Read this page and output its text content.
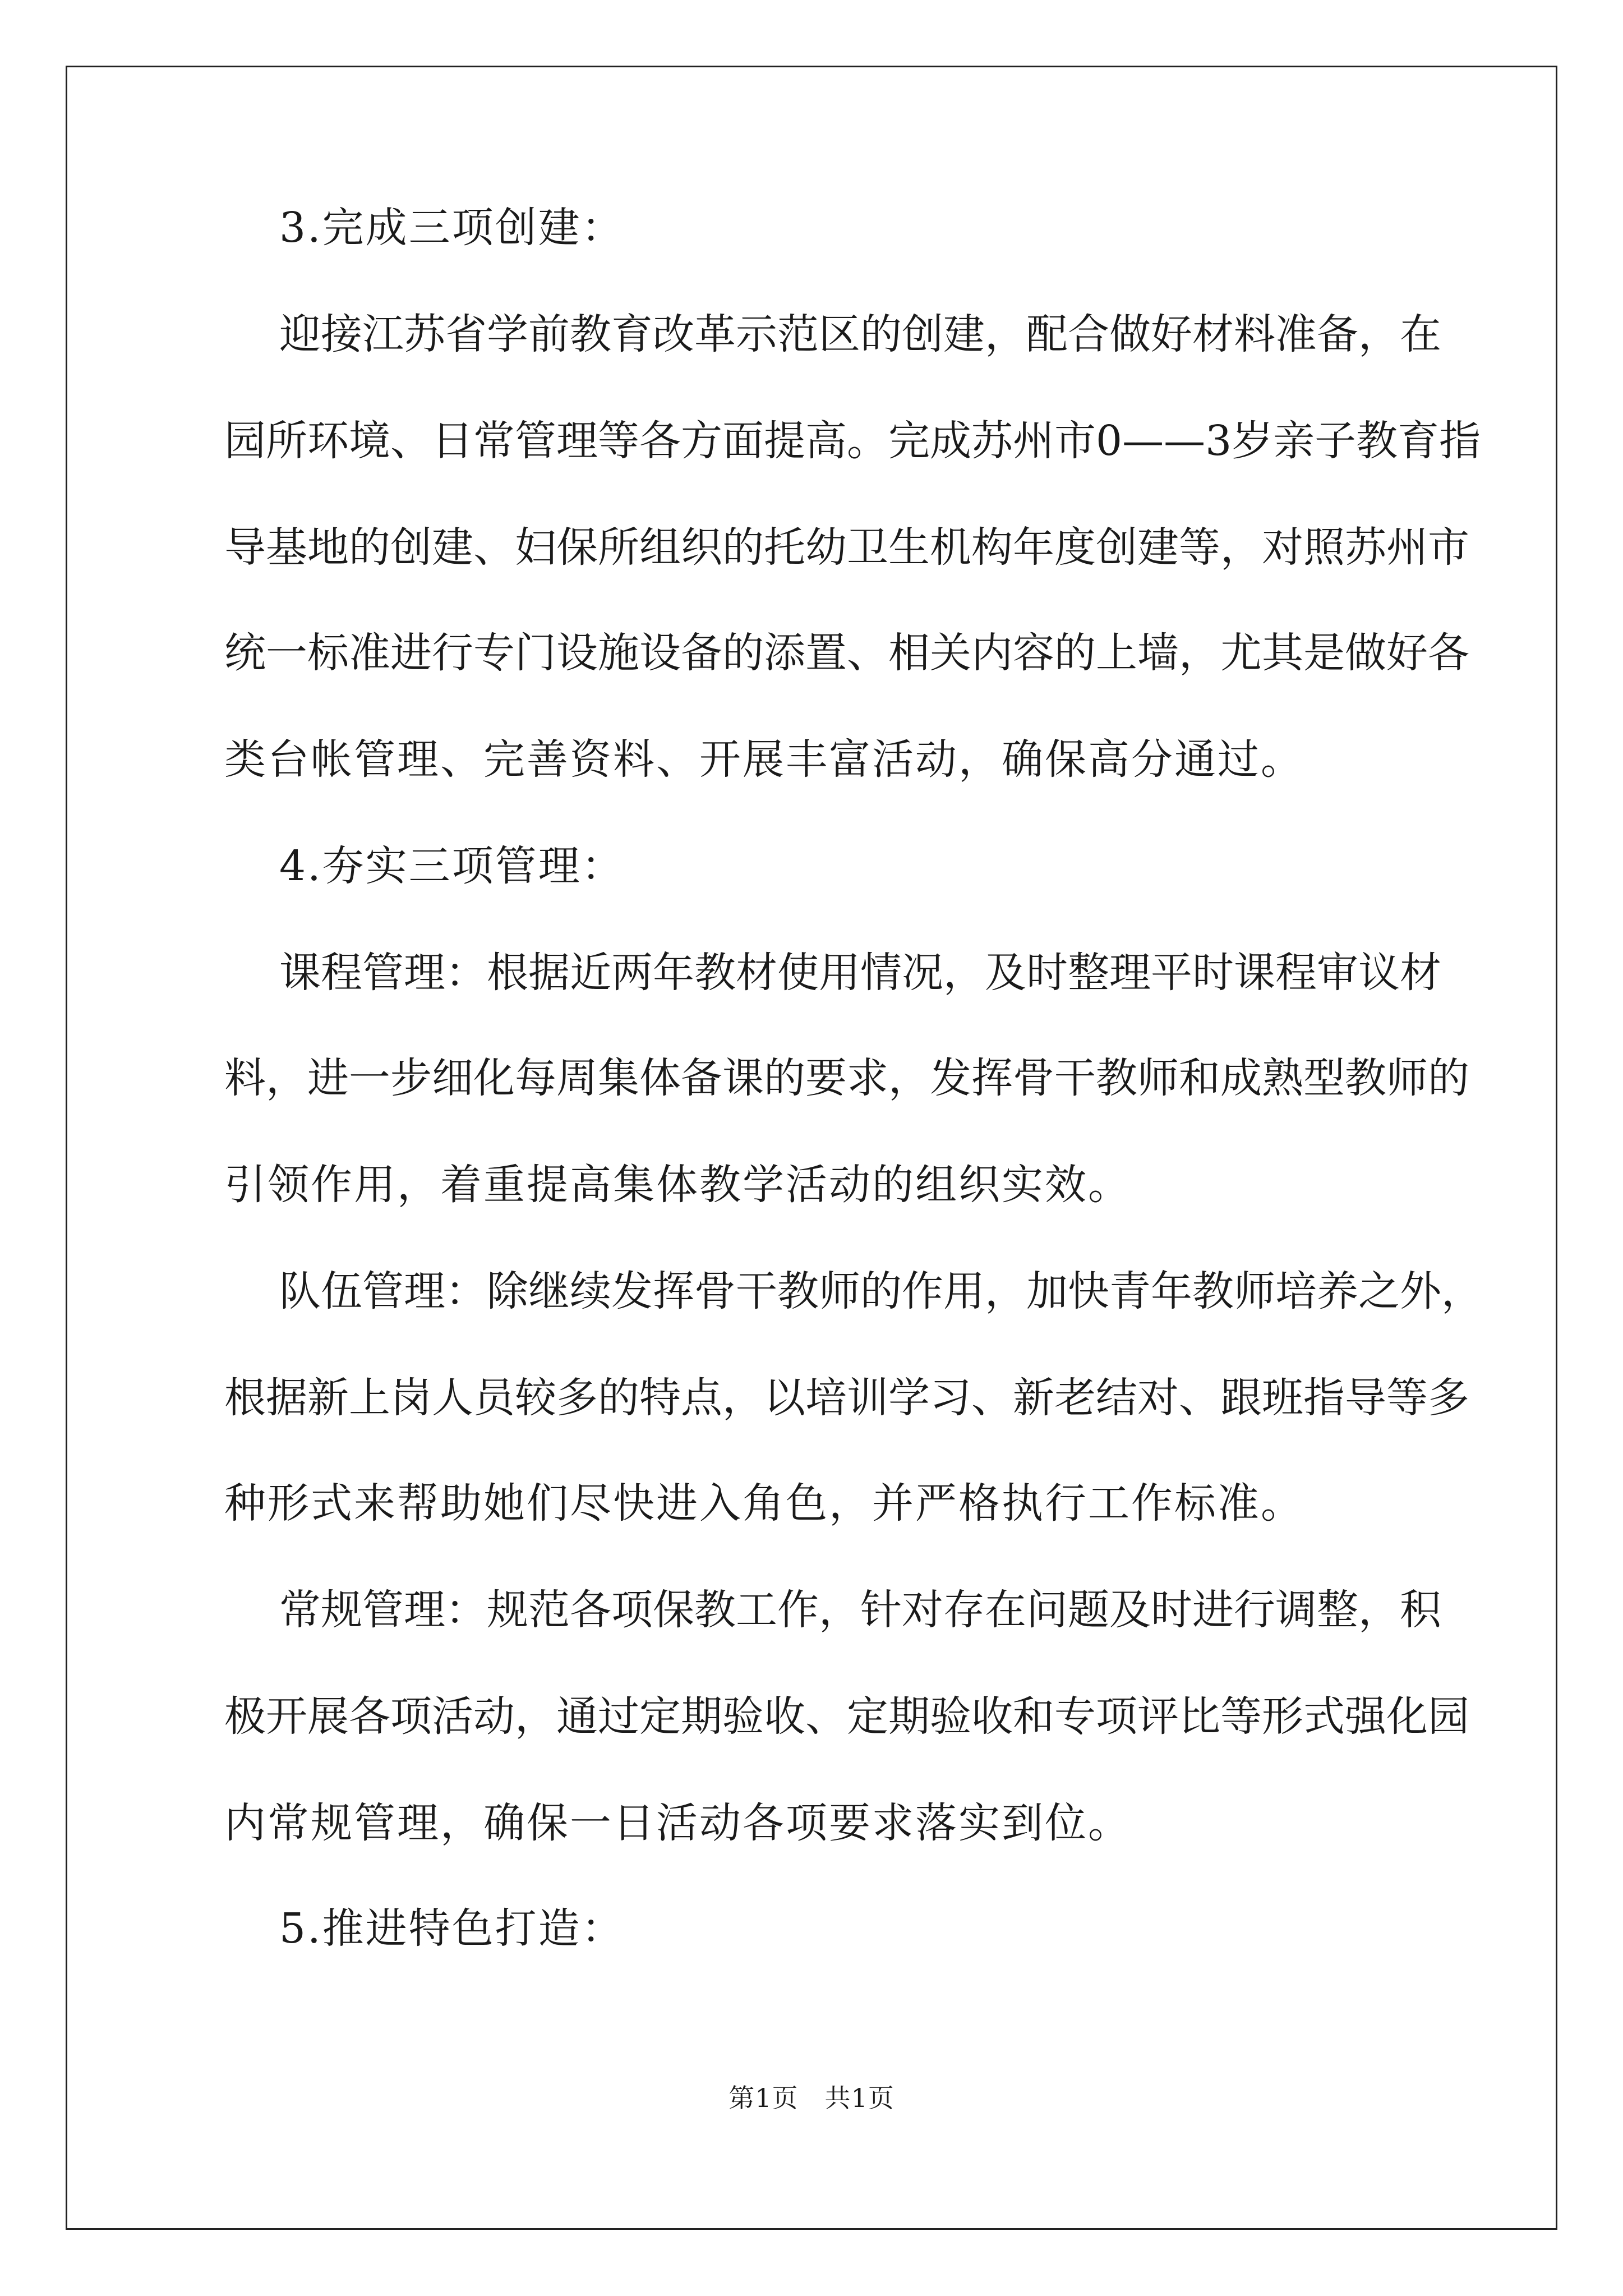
3.完成三项创建：
迎接江苏省学前教育改革示范区的创建，配合做好材料准备，在
园所环境、日常管理等各方面提高。完成苏州市0——3岁亲子教育指
导基地的创建、妇保所组织的托幼卫生机构年度创建等，对照苏州市
统一标准进行专门设施设备的添置、相关内容的上墙，尤其是做好各
类台帐管理、完善资料、开展丰富活动，确保高分通过。
4.夯实三项管理：
课程管理：根据近两年教材使用情况，及时整理平时课程审议材
料，进一步细化每周集体备课的要求，发挥骨干教师和成熟型教师的
引领作用，着重提高集体教学活动的组织实效。
队伍管理：除继续发挥骨干教师的作用，加快青年教师培养之外，
根据新上岗人员较多的特点，以培训学习、新老结对、跟班指导等多
种形式来帮助她们尽快进入角色，并严格执行工作标准。
常规管理：规范各项保教工作，针对存在问题及时进行调整，积
极开展各项活动，通过定期验收、定期验收和专项评比等形式强化园
内常规管理，确保一日活动各项要求落实到位。
5.推进特色打造：
第1页　共1页
